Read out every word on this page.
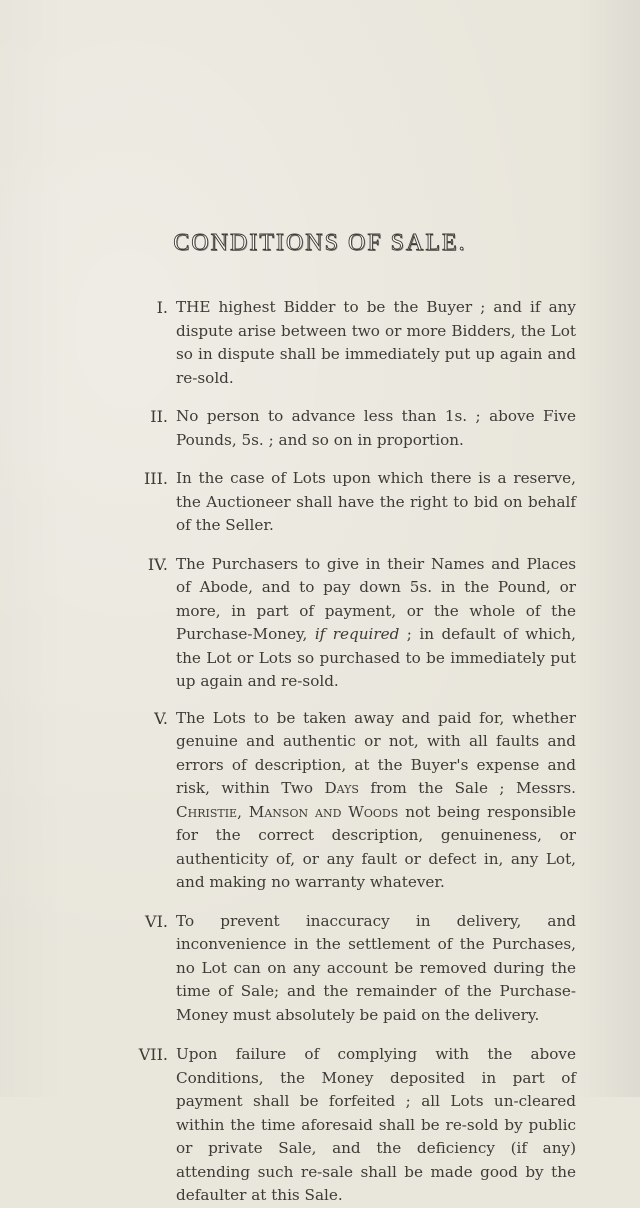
CONDITIONS OF SALE.
I. THE highest Bidder to be the Buyer ; and if any dispute arise between two or more Bidders, the Lot so in dispute shall be immediately put up again and re-sold.
II. No person to advance less than 1s. ; above Five Pounds, 5s. ; and so on in proportion.
III. In the case of Lots upon which there is a reserve, the Auctioneer shall have the right to bid on behalf of the Seller.
IV. The Purchasers to give in their Names and Places of Abode, and to pay down 5s. in the Pound, or more, in part of payment, or the whole of the Purchase-Money, if required ; in default of which, the Lot or Lots so purchased to be immediately put up again and re-sold.
V. The Lots to be taken away and paid for, whether genuine and authentic or not, with all faults and errors of description, at the Buyer's expense and risk, within Two Days from the Sale ; Messrs. Christie, Manson and Woods not being responsible for the correct description, genuineness, or authenticity of, or any fault or defect in, any Lot, and making no warranty whatever.
VI. To prevent inaccuracy in delivery, and inconvenience in the settlement of the Purchases, no Lot can on any account be removed during the time of Sale; and the remainder of the Purchase-Money must absolutely be paid on the delivery.
VII. Upon failure of complying with the above Conditions, the Money deposited in part of payment shall be forfeited ; all Lots un-cleared within the time aforesaid shall be re-sold by public or private Sale, and the deficiency (if any) attending such re-sale shall be made good by the defaulter at this Sale.
